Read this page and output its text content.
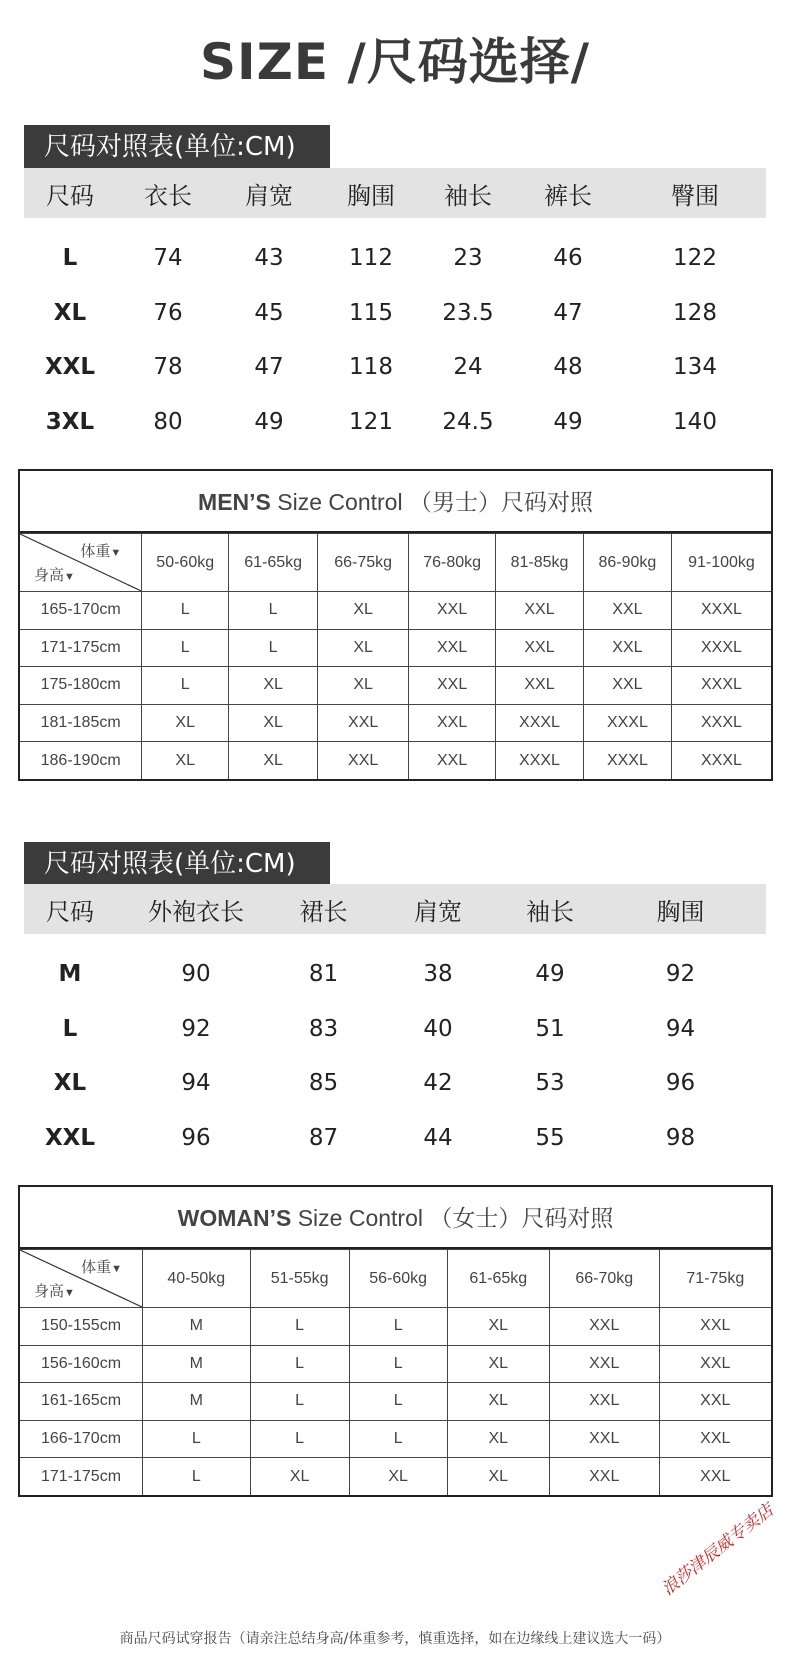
SIZE /尺码选择/
尺码对照表(单位:CM)
尺码	衣长	肩宽	胸围	袖长	裤长	臀围
L	74	43	112	23	46	122
XL	76	45	115	23.5	47	128
XXL	78	47	118	24	48	134
3XL	80	49	121	24.5	49	140
MEN’S Size Control （男士）尺码对照
体重▼
身高▼	50-60kg	61-65kg	66-75kg	76-80kg	81-85kg	86-90kg	91-100kg
165-170cm	L	L	XL	XXL	XXL	XXL	XXXL
171-175cm	L	L	XL	XXL	XXL	XXL	XXXL
175-180cm	L	XL	XL	XXL	XXL	XXL	XXXL
181-185cm	XL	XL	XXL	XXL	XXXL	XXXL	XXXL
186-190cm	XL	XL	XXL	XXL	XXXL	XXXL	XXXL
尺码对照表(单位:CM)
尺码	外袍衣长	裙长	肩宽	袖长	胸围
M	90	81	38	49	92
L	92	83	40	51	94
XL	94	85	42	53	96
XXL	96	87	44	55	98
WOMAN’S Size Control （女士）尺码对照
体重▼
身高▼	40-50kg	51-55kg	56-60kg	61-65kg	66-70kg	71-75kg
150-155cm	M	L	L	XL	XXL	XXL
156-160cm	M	L	L	XL	XXL	XXL
161-165cm	M	L	L	XL	XXL	XXL
166-170cm	L	L	L	XL	XXL	XXL
171-175cm	L	XL	XL	XL	XXL	XXL
商品尺码试穿报告（请亲注总结身高/体重参考，慎重选择，如在边缘线上建议选大一码）
浪莎津辰威专卖店
